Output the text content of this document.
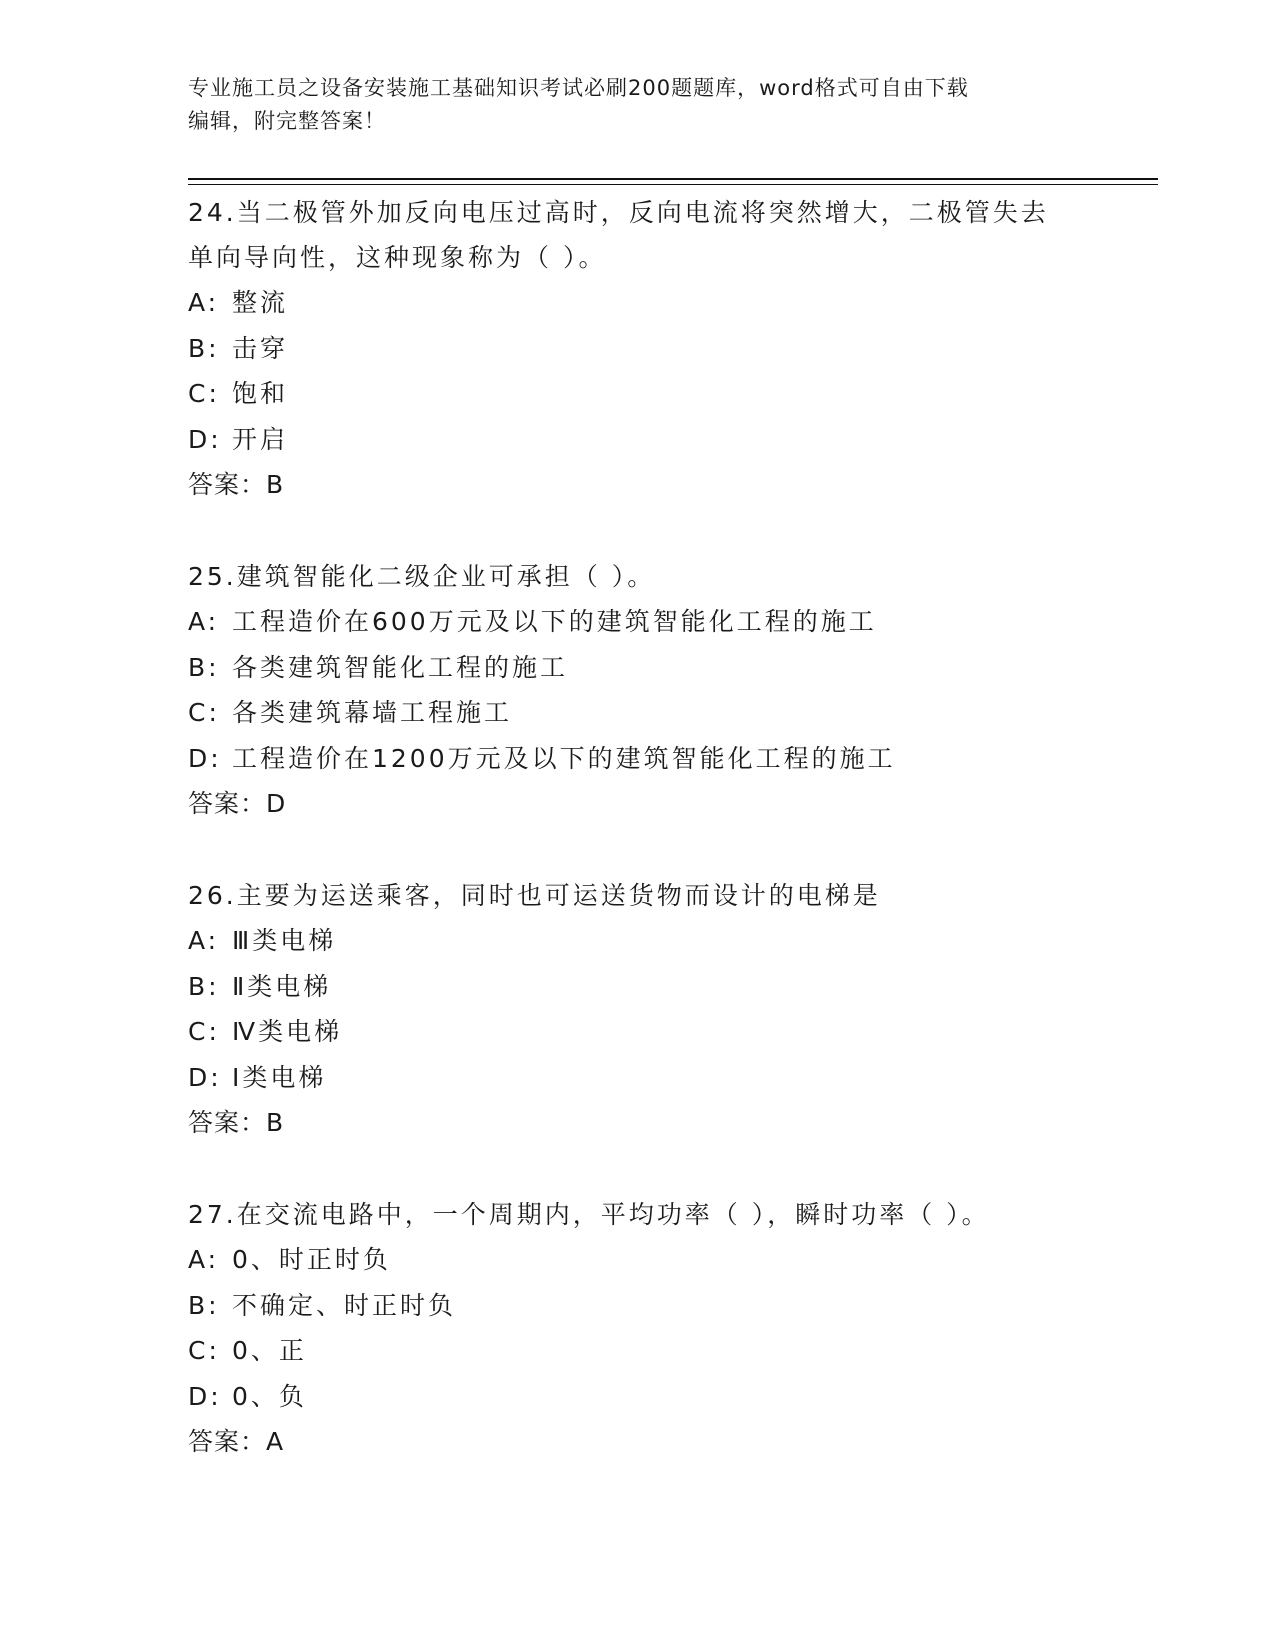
专业施工员之设备安装施工基础知识考试必刷200题题库，word格式可自由下载
编辑，附完整答案！
24.当二极管外加反向电压过高时，反向电流将突然增大，二极管失去
单向导向性，这种现象称为（ ）。
A: 整流
B: 击穿
C: 饱和
D: 开启
答案：B
25.建筑智能化二级企业可承担（ ）。
A: 工程造价在600万元及以下的建筑智能化工程的施工
B: 各类建筑智能化工程的施工
C: 各类建筑幕墙工程施工
D: 工程造价在1200万元及以下的建筑智能化工程的施工
答案：D
26.主要为运送乘客，同时也可运送货物而设计的电梯是
A: Ⅲ类电梯
B: Ⅱ类电梯
C: Ⅳ类电梯
D: Ⅰ类电梯
答案：B
27.在交流电路中，一个周期内，平均功率（ ），瞬时功率（ ）。
A: 0、时正时负
B: 不确定、时正时负
C: 0、正
D: 0、负
答案：A
